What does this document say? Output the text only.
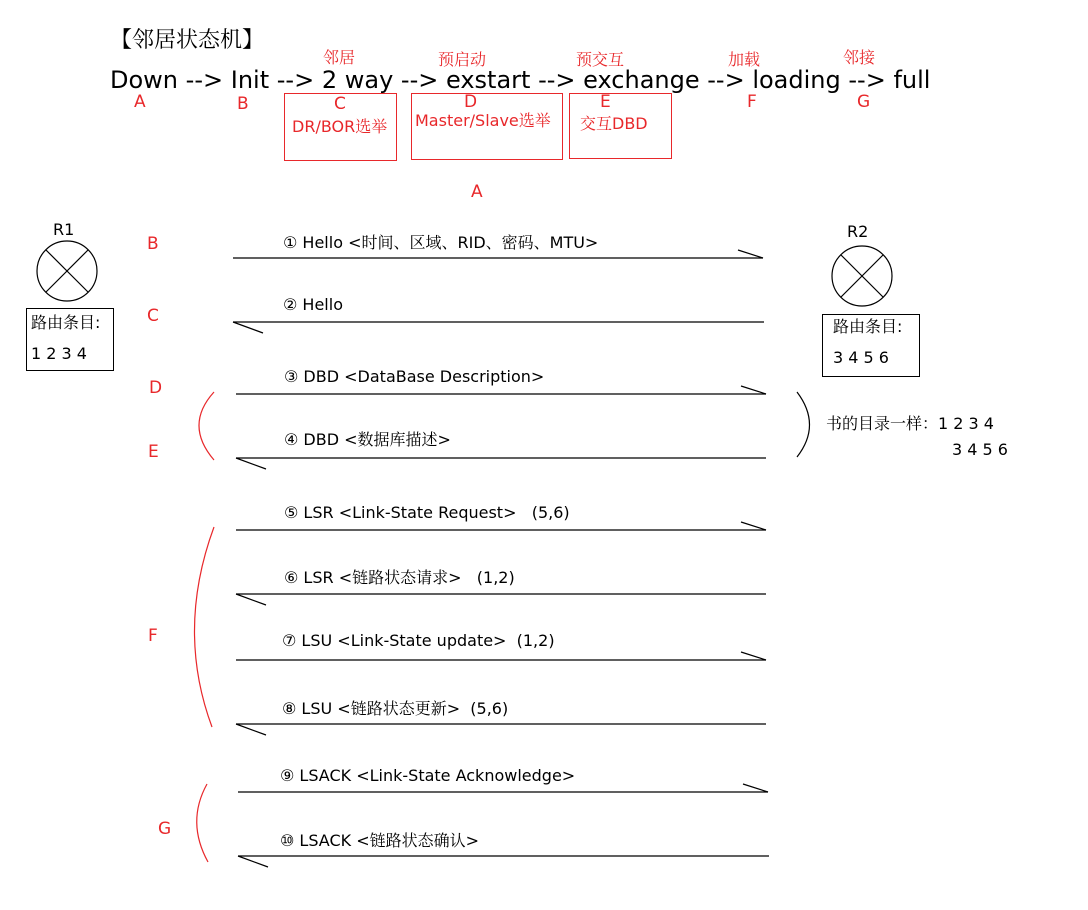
【邻居状态机】
Down --> Init --> 2 way --> exstart --> exchange --> loading --> full
邻居	预启动	预交互	加载	邻接
A	B	C	D	E	F	G
DR/BOR选举 Master/Slave选举 交互DBD
A
R1
路由条目:
1 2 3 4
R2
路由条目:
3 4 5 6
书的目录一样：1 2 3 4
3 4 5 6
B
C
D
E
F
G
① Hello <时间、区域、RID、密码、MTU>
② Hello
③ DBD <DataBase Description>
④ DBD <数据库描述>
⑤ LSR <Link-State Request>   (5,6)
⑥ LSR <链路状态请求>   (1,2)
⑦ LSU <Link-State update>  (1,2)
⑧ LSU <链路状态更新>  (5,6)
⑨ LSACK <Link-State Acknowledge>
⑩ LSACK <链路状态确认>
